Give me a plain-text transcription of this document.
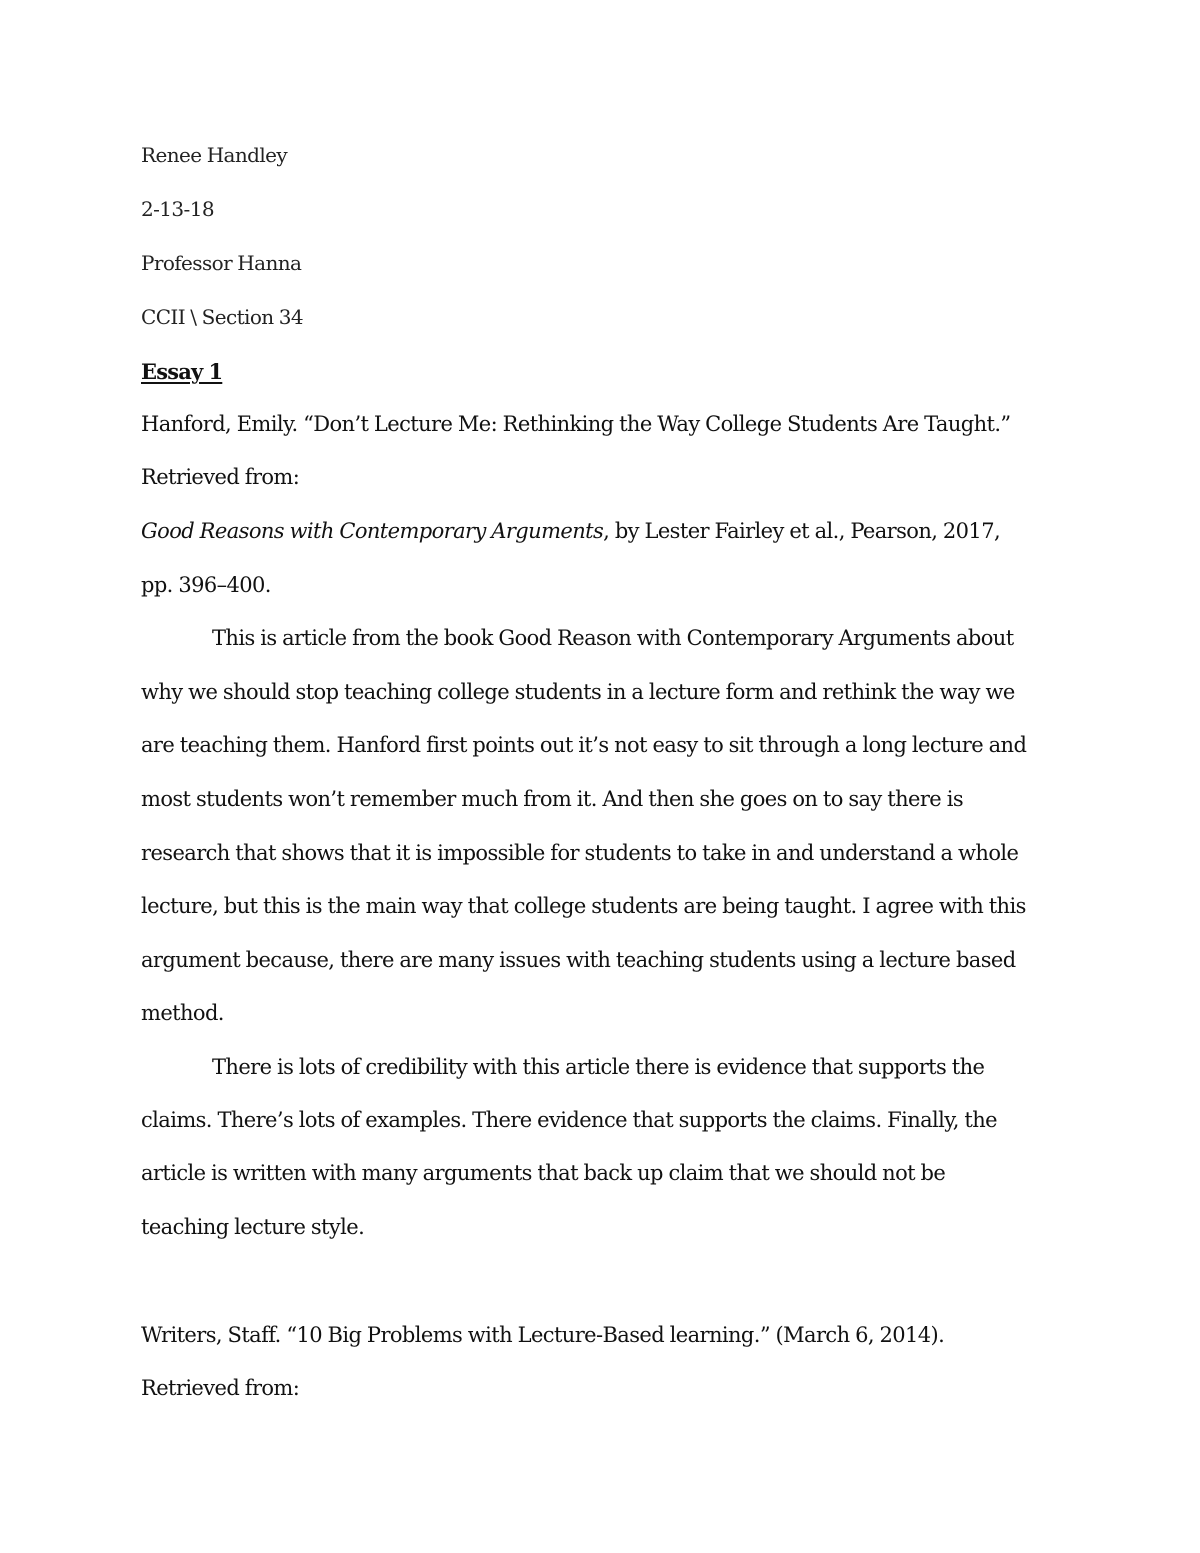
Renee Handley

2-13-18

Professor Hanna

CCII \ Section 34

Essay 1

Hanford, Emily. “Don’t Lecture Me: Rethinking the Way College Students Are Taught.”

Retrieved from:

Good Reasons with Contemporary Arguments, by Lester Fairley et al., Pearson, 2017,

pp. 396–400.

This is article from the book Good Reason with Contemporary Arguments about

why we should stop teaching college students in a lecture form and rethink the way we

are teaching them. Hanford first points out it’s not easy to sit through a long lecture and

most students won’t remember much from it. And then she goes on to say there is

research that shows that it is impossible for students to take in and understand a whole

lecture, but this is the main way that college students are being taught. I agree with this

argument because, there are many issues with teaching students using a lecture based

method.

There is lots of credibility with this article there is evidence that supports the

claims. There’s lots of examples. There evidence that supports the claims. Finally, the

article is written with many arguments that back up claim that we should not be

teaching lecture style.

Writers, Staff. “10 Big Problems with Lecture-Based learning.” (March 6, 2014).

Retrieved from:
